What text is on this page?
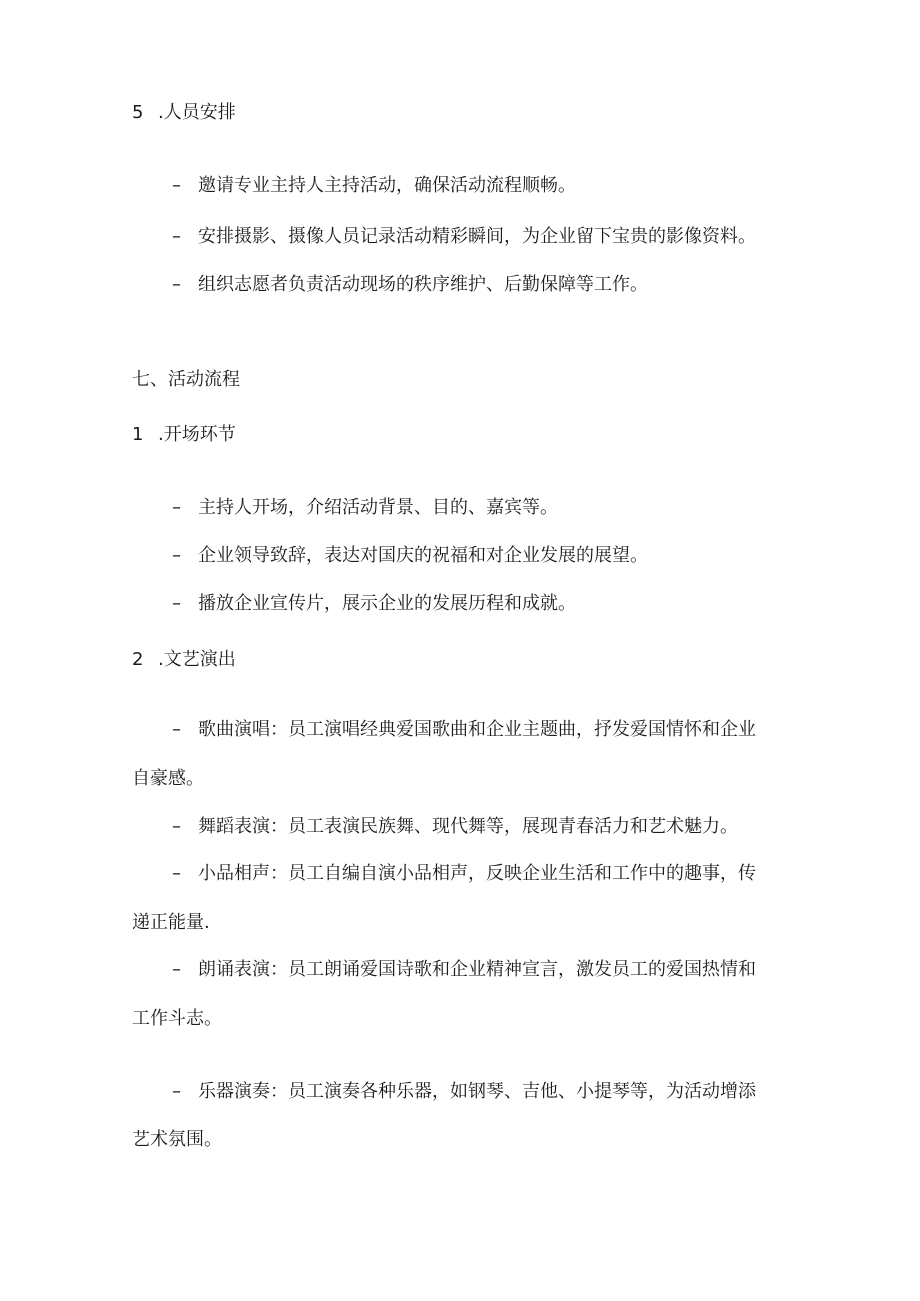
5 .人员安排
– 邀请专业主持人主持活动，确保活动流程顺畅。
– 安排摄影、摄像人员记录活动精彩瞬间，为企业留下宝贵的影像资料。
– 组织志愿者负责活动现场的秩序维护、后勤保障等工作。
七、活动流程
1 .开场环节
– 主持人开场，介绍活动背景、目的、嘉宾等。
– 企业领导致辞，表达对国庆的祝福和对企业发展的展望。
– 播放企业宣传片，展示企业的发展历程和成就。
2 .文艺演出
– 歌曲演唱：员工演唱经典爱国歌曲和企业主题曲，抒发爱国情怀和企业
自豪感。
– 舞蹈表演：员工表演民族舞、现代舞等，展现青春活力和艺术魅力。
– 小品相声：员工自编自演小品相声，反映企业生活和工作中的趣事，传
递正能量.
– 朗诵表演：员工朗诵爱国诗歌和企业精神宣言，激发员工的爱国热情和
工作斗志。
– 乐器演奏：员工演奏各种乐器，如钢琴、吉他、小提琴等，为活动增添
艺术氛围。
